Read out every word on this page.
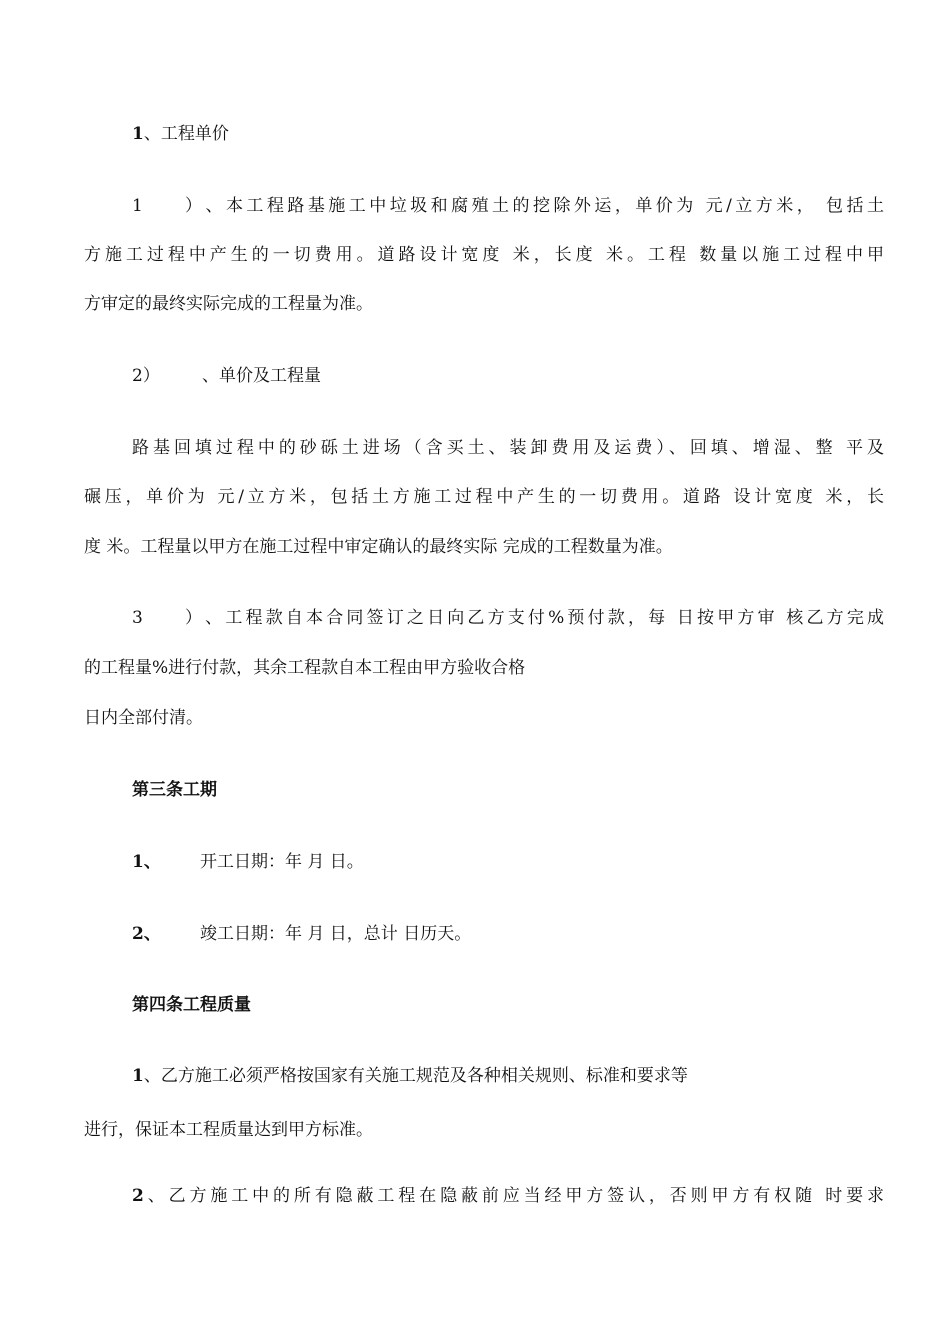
1、工程单价
1）、本工程路基施工中垃圾和腐殖土的挖除外运，单价为 元/立方米， 包括土
方施工过程中产生的一切费用。道路设计宽度 米，长度 米。工程 数量以施工过程中甲
方审定的最终实际完成的工程量为准。
2） 、单价及工程量
路基回填过程中的砂砾土进场（含买土、装卸费用及运费）、回填、增湿、整 平及
碾压，单价为 元/立方米，包括土方施工过程中产生的一切费用。道路 设计宽度 米，长
度 米。工程量以甲方在施工过程中审定确认的最终实际 完成的工程数量为准。
3）、工程款自本合同签订之日向乙方支付%预付款，每 日按甲方审 核乙方完成
的工程量%进行付款，其余工程款自本工程由甲方验收合格
日内全部付清。
第三条工期
1、 开工日期：年 月 日。
2、 竣工日期：年 月 日，总计 日历天。
第四条工程质量
1、乙方施工必须严格按国家有关施工规范及各种相关规则、标准和要求等
进行，保证本工程质量达到甲方标准。
2、乙方施工中的所有隐蔽工程在隐蔽前应当经甲方签认，否则甲方有权随 时要求
